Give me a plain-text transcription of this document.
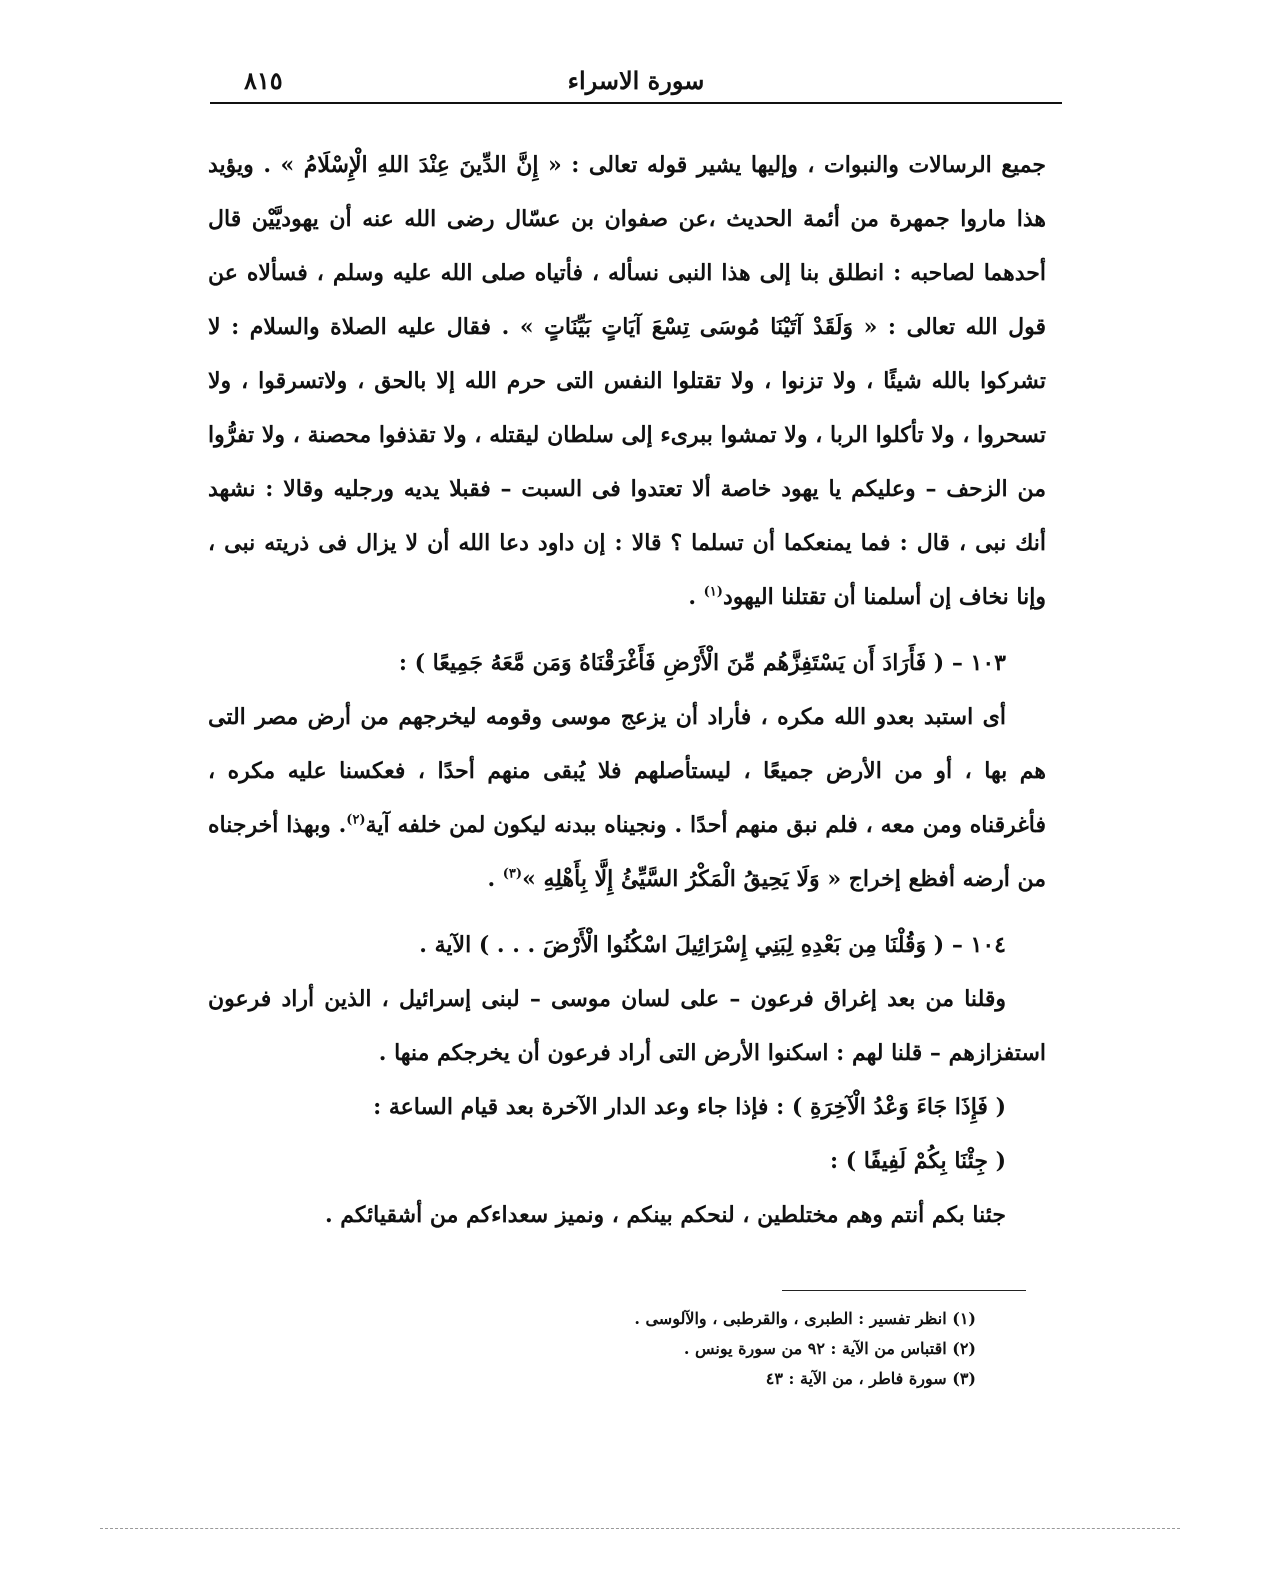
٨١٥	سورة الاسراء

جميع الرسالات والنبوات ، وإليها يشير قوله تعالى : « إِنَّ الدِّينَ عِنْدَ اللهِ الْإِسْلَامُ » . ويؤيد هذا ماروا جمهرة من أئمة الحديث ،عن صفوان بن عسّال رضى الله عنه أن يهوديَّيْن قال أحدهما لصاحبه : انطلق بنا إلى هذا النبى نسأله ، فأتياه صلى الله عليه وسلم ، فسألاه عن قول الله تعالى : « وَلَقَدْ آتَيْنَا مُوسَى تِسْعَ آيَاتٍ بَيِّنَاتٍ » . فقال عليه الصلاة والسلام : لا تشركوا بالله شيئًا ، ولا تزنوا ، ولا تقتلوا النفس التى حرم الله إلا بالحق ، ولاتسرقوا ، ولا تسحروا ، ولا تأكلوا الربا ، ولا تمشوا ببرىء إلى سلطان ليقتله ، ولا تقذفوا محصنة ، ولا تفرُّوا من الزحف – وعليكم يا يهود خاصة ألا تعتدوا فى السبت – فقبلا يديه ورجليه وقالا : نشهد أنك نبى ، قال : فما يمنعكما أن تسلما ؟ قالا : إن داود دعا الله أن لا يزال فى ذريته نبى ، وإنا نخاف إن أسلمنا أن تقتلنا اليهود$^{(١)}$ .

١٠٣ – ( فَأَرَادَ أَن يَسْتَفِزَّهُم مِّنَ الْأَرْضِ فَأَغْرَقْنَاهُ وَمَن مَّعَهُ جَمِيعًا ) :

أى استبد بعدو الله مكره ، فأراد أن يزعج موسى وقومه ليخرجهم من أرض مصر التى هم بها ، أو من الأرض جميعًا ، ليستأصلهم فلا يُبقى منهم أحدًا ، فعكسنا عليه مكره ، فأغرقناه ومن معه ، فلم نبق منهم أحدًا . ونجيناه ببدنه ليكون لمن خلفه آية$^{(٢)}$. وبهذا أخرجناه من أرضه أفظع إخراج « وَلَا يَحِيقُ الْمَكْرُ السَّيِّئُ إِلَّا بِأَهْلِهِ »$^{(٣)}$ .

١٠٤ – ( وَقُلْنَا مِن بَعْدِهِ لِبَنِي إِسْرَائِيلَ اسْكُنُوا الْأَرْضَ . . . ) الآية .

وقلنا من بعد إغراق فرعون – على لسان موسى – لبنى إسرائيل ، الذين أراد فرعون استفزازهم – قلنا لهم : اسكنوا الأرض التى أراد فرعون أن يخرجكم منها .

( فَإِذَا جَاءَ وَعْدُ الْآخِرَةِ ) : فإذا جاء وعد الدار الآخرة بعد قيام الساعة :

( جِئْنَا بِكُمْ لَفِيفًا ) :

جئنا بكم أنتم وهم مختلطين ، لنحكم بينكم ، ونميز سعداءكم من أشقيائكم .

(١) انظر تفسير : الطبرى ، والقرطبى ، والآلوسى .
(٢) اقتباس من الآية : ٩٢ من سورة يونس .
(٣) سورة فاطر ، من الآية : ٤٣
